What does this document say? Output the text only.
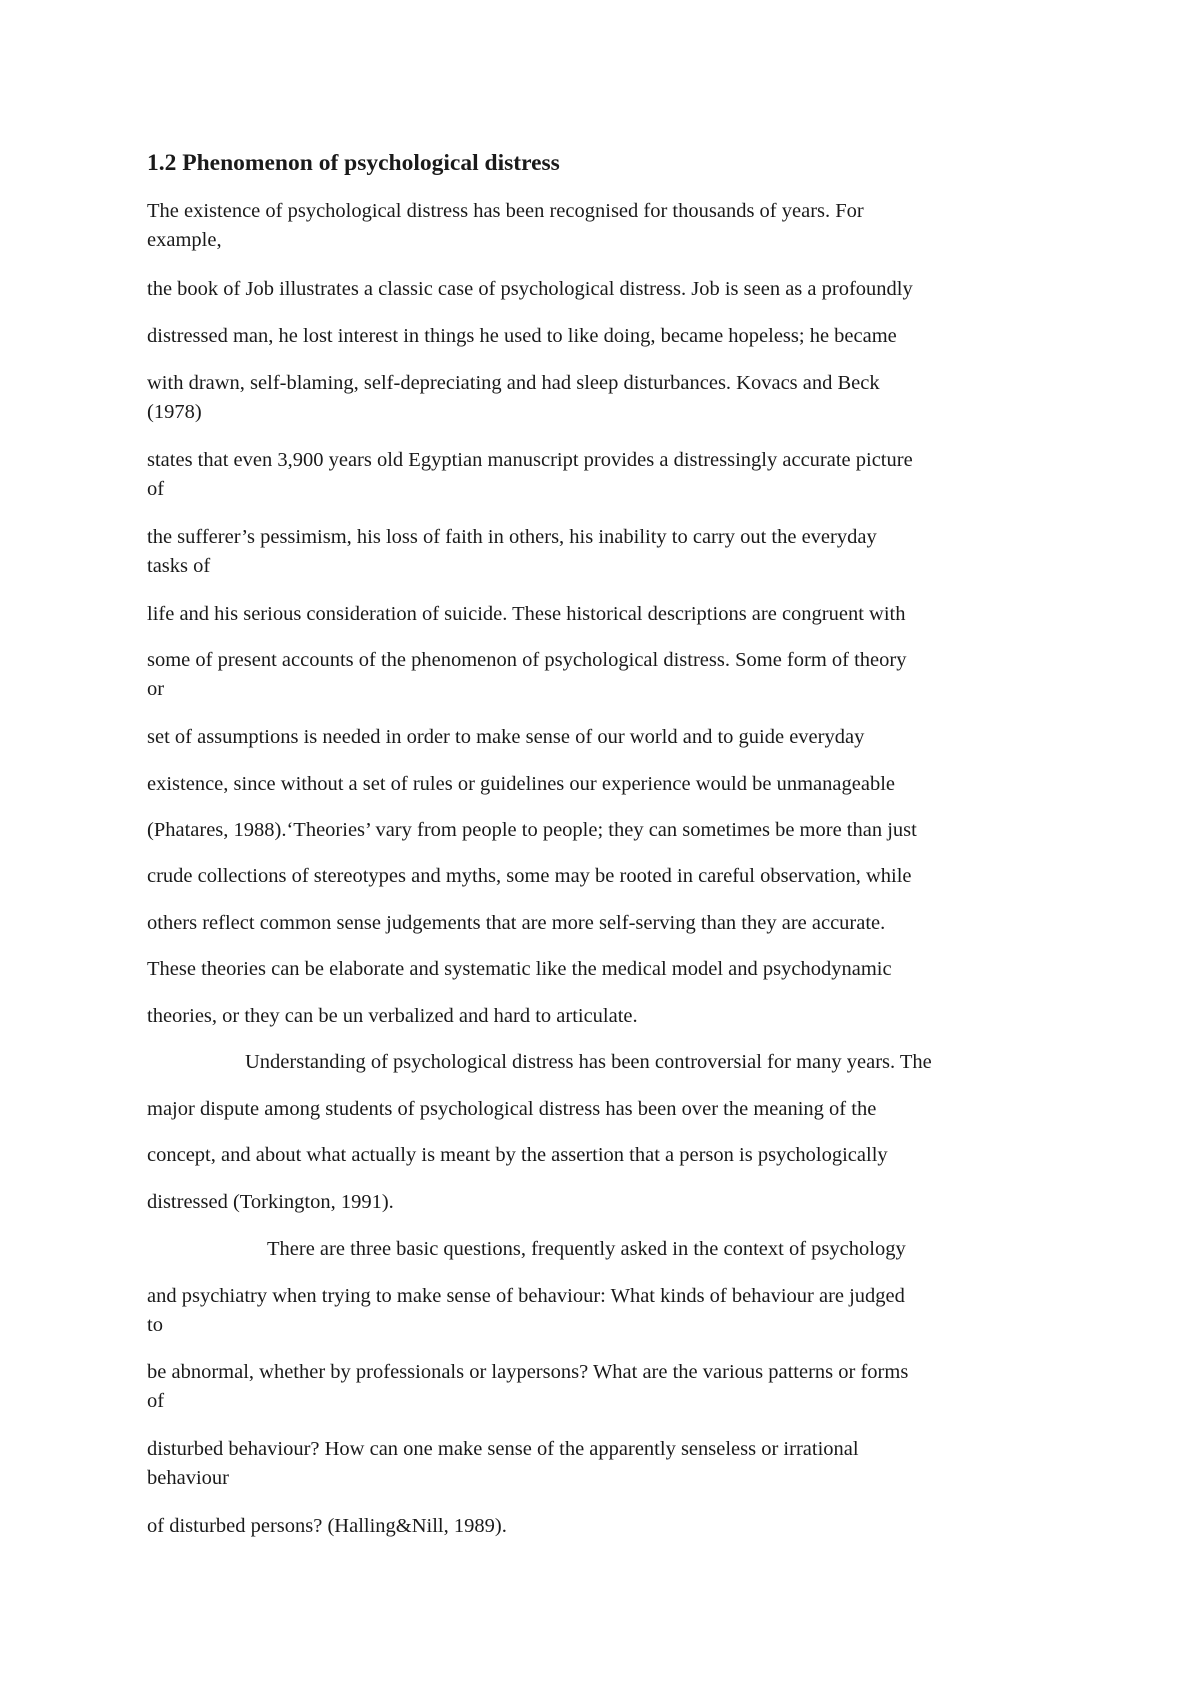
1.2 Phenomenon of psychological distress

The existence of psychological distress has been recognised for thousands of years. For

example,

the book of Job illustrates a classic case of psychological distress. Job is seen as a profoundly

distressed man, he lost interest in things he used to like doing, became hopeless; he became

with drawn, self-blaming, self-depreciating and had sleep disturbances. Kovacs and Beck

(1978)

states that even 3,900 years old Egyptian manuscript provides a distressingly accurate picture

of

the sufferer’s pessimism, his loss of faith in others, his inability to carry out the everyday

tasks of

life and his serious consideration of suicide. These historical descriptions are congruent with

some of present accounts of the phenomenon of psychological distress. Some form of theory

or

set of assumptions is needed in order to make sense of our world and to guide everyday

existence, since without a set of rules or guidelines our experience would be unmanageable

(Phatares, 1988).‘Theories’ vary from people to people; they can sometimes be more than just

crude collections of stereotypes and myths, some may be rooted in careful observation, while

others reflect common sense judgements that are more self-serving than they are accurate.

These theories can be elaborate and systematic like the medical model and psychodynamic

theories, or they can be un verbalized and hard to articulate.

Understanding of psychological distress has been controversial for many years. The

major dispute among students of psychological distress has been over the meaning of the

concept, and about what actually is meant by the assertion that a person is psychologically

distressed (Torkington, 1991).

There are three basic questions, frequently asked in the context of psychology

and psychiatry when trying to make sense of behaviour: What kinds of behaviour are judged

to

be abnormal, whether by professionals or laypersons? What are the various patterns or forms

of

disturbed behaviour? How can one make sense of the apparently senseless or irrational

behaviour

of disturbed persons? (Halling&Nill, 1989).
